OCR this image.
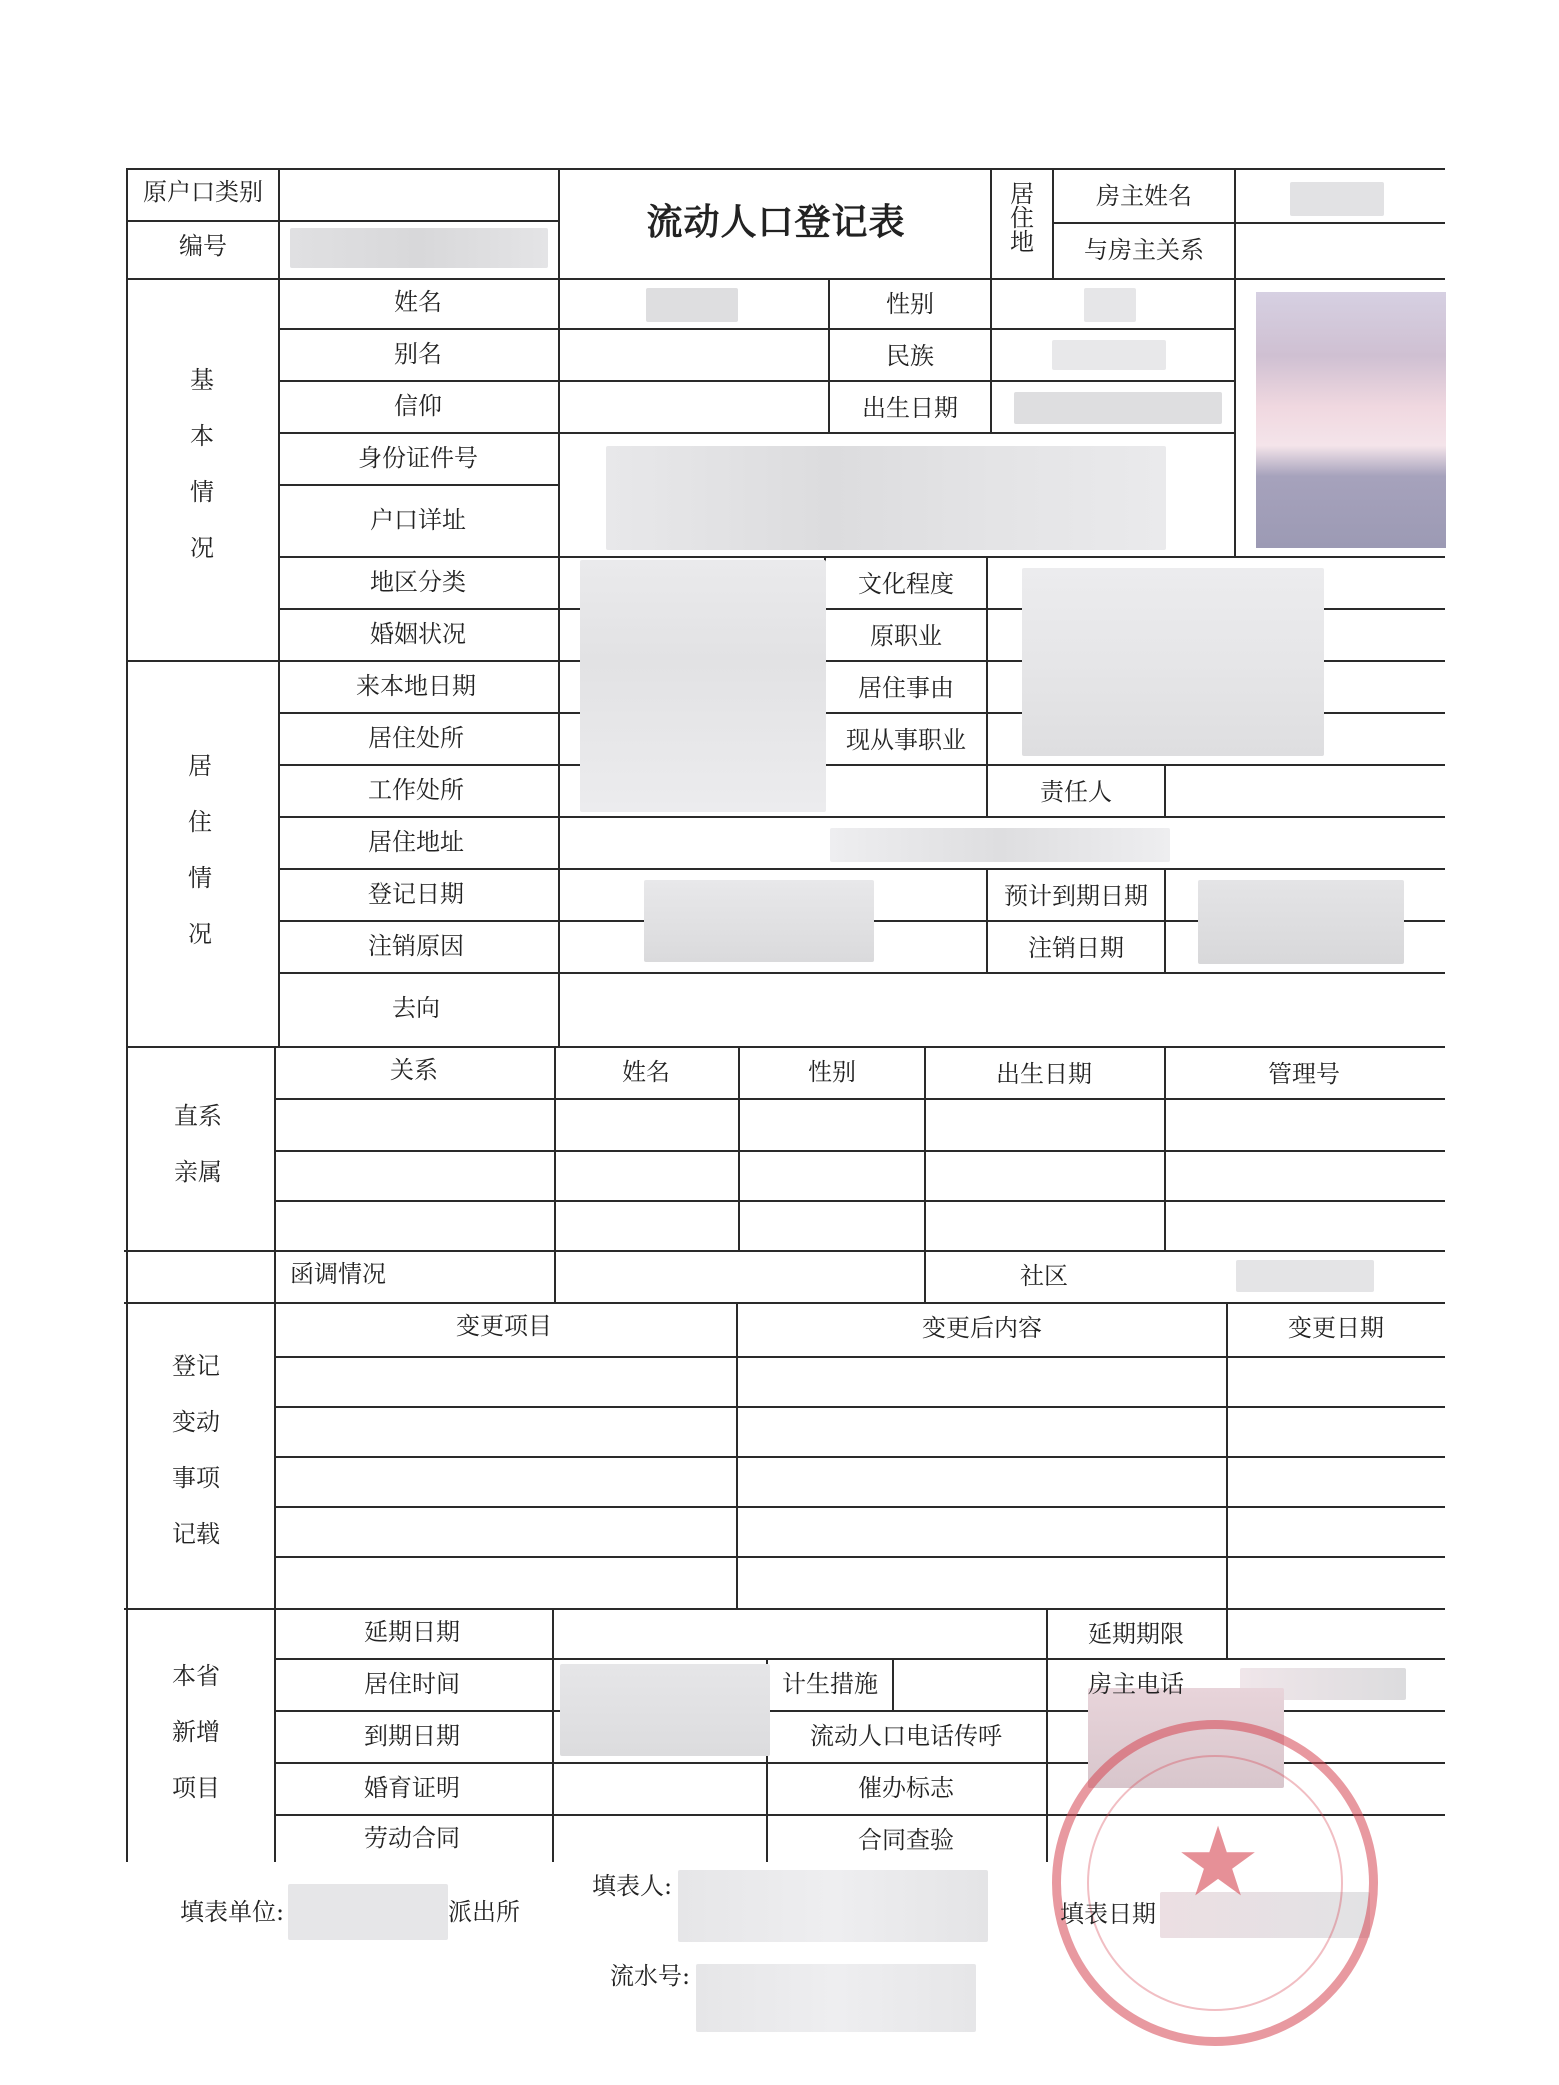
★
流动人口登记表
原户口类别
编号
居
住
地
房主姓名
与房主关系
基
本
情
况
姓名	性别
别名	民族
信仰	出生日期
身份证件号
户口详址
地区分类	文化程度
婚姻状况	原职业
居
住
情
况
来本地日期	居住事由
居住处所	现从事职业
工作处所	责任人
居住地址
登记日期	预计到期日期
注销原因	注销日期
去向
直系
亲属
关系	姓名	性别	出生日期	管理号
函调情况	社区
登记
变动
事项
记载
变更项目	变更后内容	变更日期
本省
新增
项目
延期日期	延期期限
居住时间	计生措施	房主电话
到期日期	流动人口电话传呼
婚育证明	催办标志
劳动合同	合同查验
填表单位:	派出所
填表人:
填表日期
流水号:
